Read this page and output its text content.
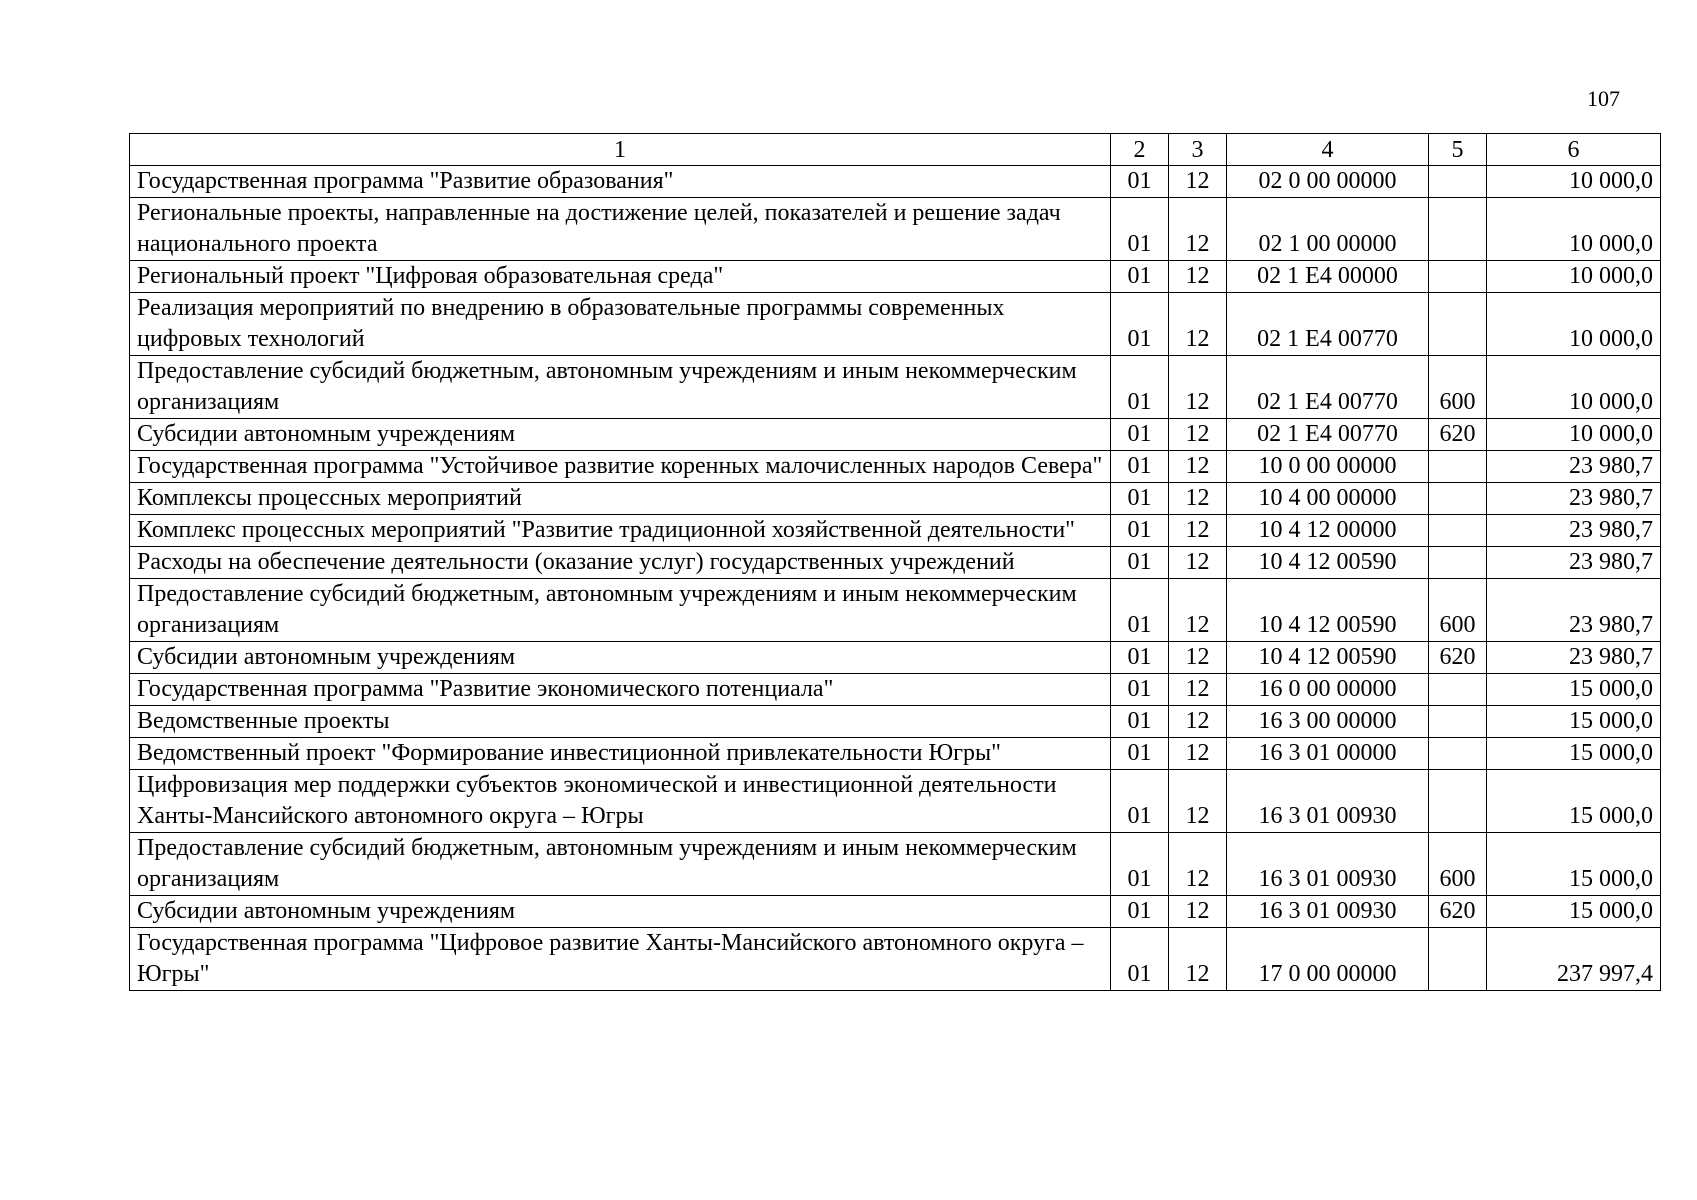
107
1	2	3	4	5	6
Государственная программа "Развитие образования"	01	12	02 0 00 00000		10 000,0
Региональные проекты, направленные на достижение целей, показателей и решение задач национального проекта	01	12	02 1 00 00000		10 000,0
Региональный проект "Цифровая образовательная среда"	01	12	02 1 Е4 00000		10 000,0
Реализация мероприятий по внедрению в образовательные программы современных цифровых технологий	01	12	02 1 Е4 00770		10 000,0
Предоставление субсидий бюджетным, автономным учреждениям и иным некоммерческим организациям	01	12	02 1 Е4 00770	600	10 000,0
Субсидии автономным учреждениям	01	12	02 1 Е4 00770	620	10 000,0
Государственная программа "Устойчивое развитие коренных малочисленных народов Севера"	01	12	10 0 00 00000		23 980,7
Комплексы процессных мероприятий	01	12	10 4 00 00000		23 980,7
Комплекс процессных мероприятий "Развитие традиционной хозяйственной деятельности"	01	12	10 4 12 00000		23 980,7
Расходы на обеспечение деятельности (оказание услуг) государственных учреждений	01	12	10 4 12 00590		23 980,7
Предоставление субсидий бюджетным, автономным учреждениям и иным некоммерческим организациям	01	12	10 4 12 00590	600	23 980,7
Субсидии автономным учреждениям	01	12	10 4 12 00590	620	23 980,7
Государственная программа "Развитие экономического потенциала"	01	12	16 0 00 00000		15 000,0
Ведомственные проекты	01	12	16 3 00 00000		15 000,0
Ведомственный проект "Формирование инвестиционной привлекательности Югры"	01	12	16 3 01 00000		15 000,0
Цифровизация мер поддержки субъектов экономической и инвестиционной деятельности Ханты-Мансийского автономного округа – Югры	01	12	16 3 01 00930		15 000,0
Предоставление субсидий бюджетным, автономным учреждениям и иным некоммерческим организациям	01	12	16 3 01 00930	600	15 000,0
Субсидии автономным учреждениям	01	12	16 3 01 00930	620	15 000,0
Государственная программа "Цифровое развитие Ханты-Мансийского автономного округа – Югры"	01	12	17 0 00 00000		237 997,4
